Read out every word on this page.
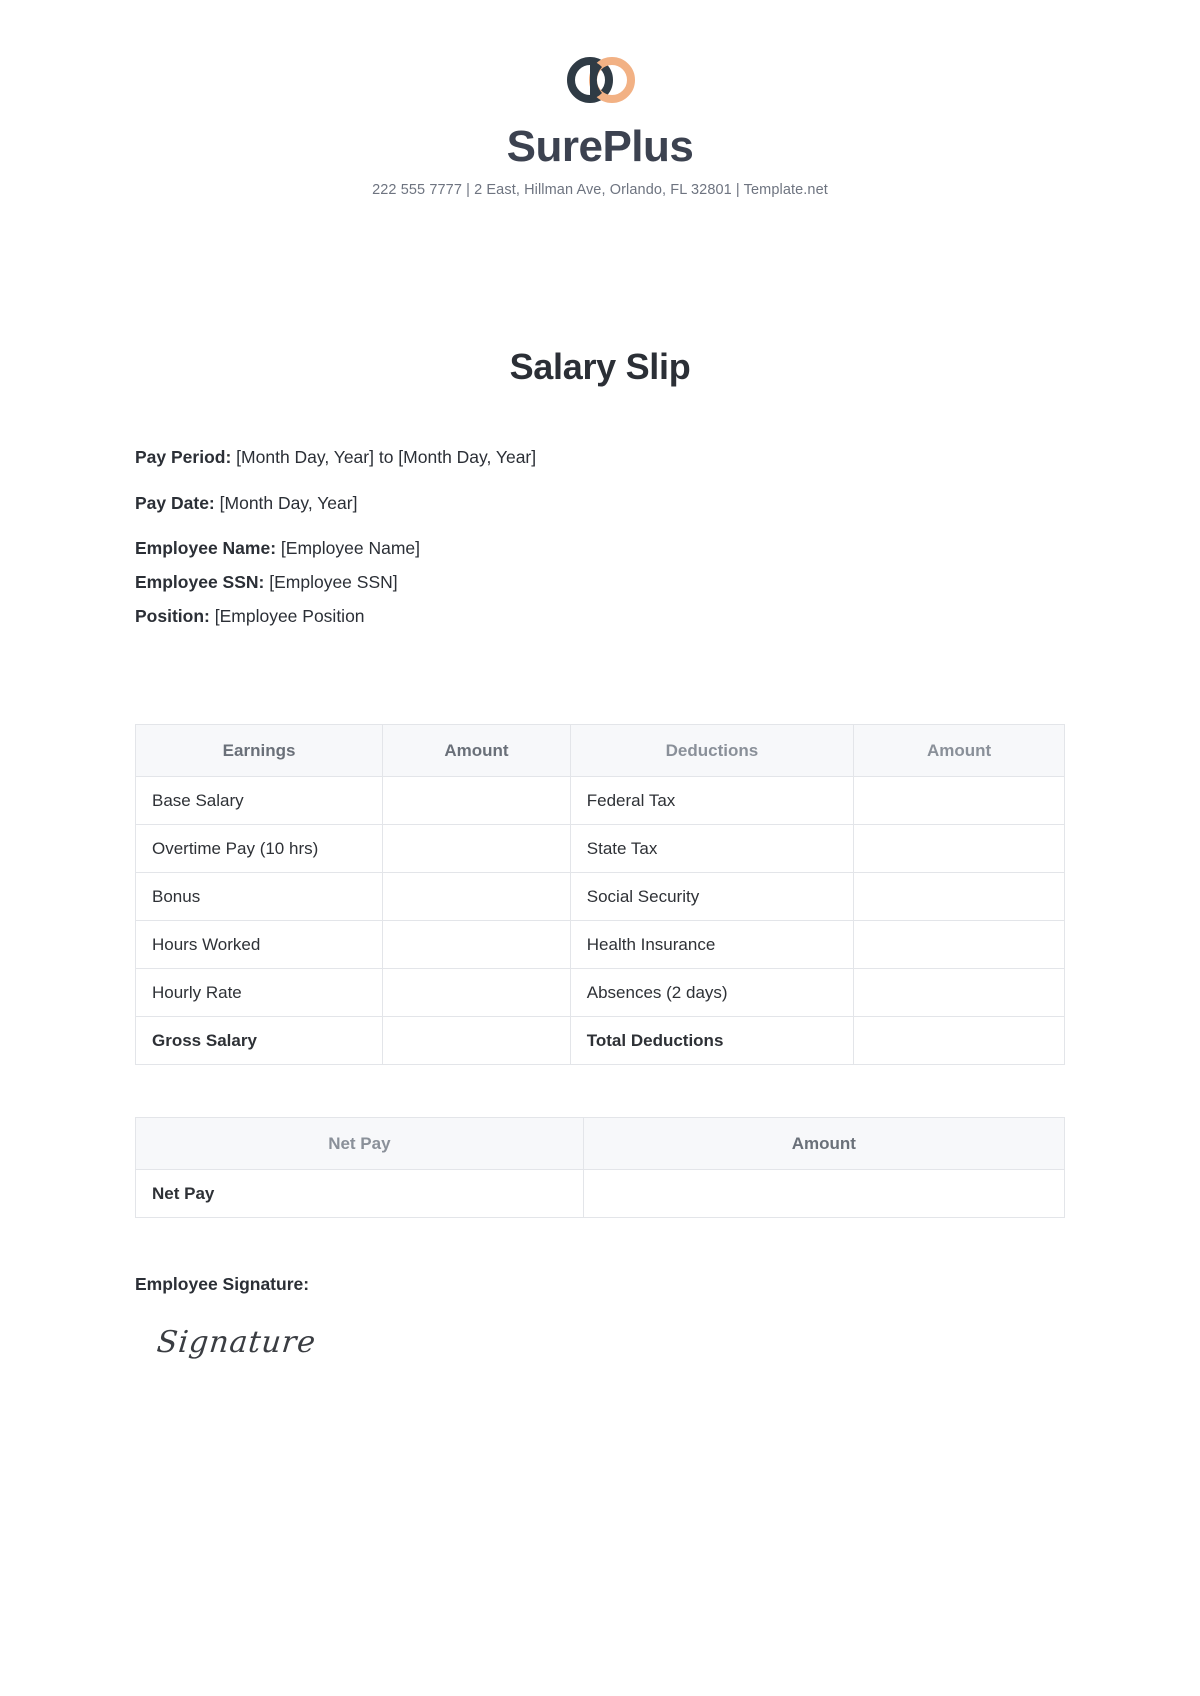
SurePlus
222 555 7777 | 2 East, Hillman Ave, Orlando, FL 32801 | Template.net
Salary Slip
Pay Period: [Month Day, Year] to [Month Day, Year]
Pay Date: [Month Day, Year]
Employee Name: [Employee Name]
Employee SSN: [Employee SSN]
Position: [Employee Position
Earnings	Amount	Deductions	Amount
Base Salary		Federal Tax	
Overtime Pay (10 hrs)		State Tax	
Bonus		Social Security	
Hours Worked		Health Insurance	
Hourly Rate		Absences (2 days)	
Gross Salary		Total Deductions	
Net Pay	Amount
Net Pay	
Employee Signature:
Signature
